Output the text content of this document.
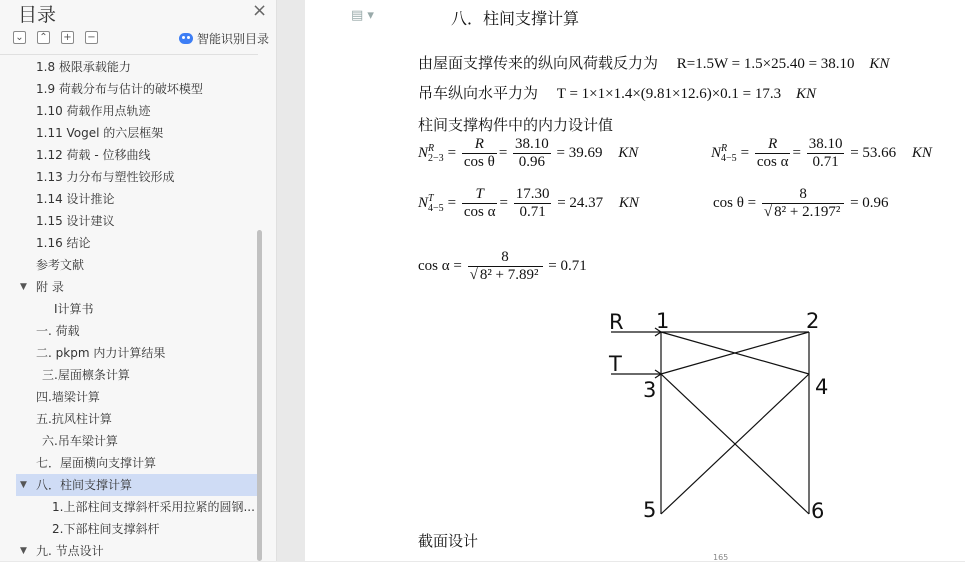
目录	×
⌄ ⌃ + −	智能识别目录
1.8 极限承载能力
1.9 荷载分布与估计的破坏模型
1.10 荷载作用点轨迹
1.11 Vogel 的六层框架
1.12 荷载 - 位移曲线
1.13 力分布与塑性铰形成
1.14 设计推论
1.15 设计建议
1.16 结论
参考文献
▼ 附 录
Ⅰ计算书
一. 荷载
二. pkpm 内力计算结果
三.屋面檩条计算
四.墙梁计算
五.抗风柱计算
六.吊车梁计算
七．屋面横向支撑计算
▼ 八．柱间支撑计算
1.上部柱间支撑斜杆采用拉紧的圆钢...
2.下部柱间支撑斜杆
▼ 九. 节点设计
▤ ▾	八．柱间支撑计算
由屋面支撑传来的纵向风荷载反力为 R=1.5W = 1.5×25.40 = 38.10 KN
吊车纵向水平力为 T = 1×1×1.4×(9.81×12.6)×0.1 = 17.3 KN
柱间支撑构件中的内力设计值
N R
$2-3 = \frac{R}{\text{cos θ}} = \frac{38.10}{0.96} = 39.69$ KN	N R
$4-5 = \frac{R}{\text{cos α}} = \frac{38.10}{0.71} = 53.66$ KN
N T
$4-5 = \frac{T}{\text{cos α}} = \frac{17.30}{0.71} = 24.37$ KN	$\cos \theta = \frac{8}{\text{√ 8² + 2.197²}} = 0.96$
$\cos \alpha = \frac{8}{\text{√ 8² + 7.89²}} = 0.71$
R
T
1	2
3	4
5	6
截面设计
165
